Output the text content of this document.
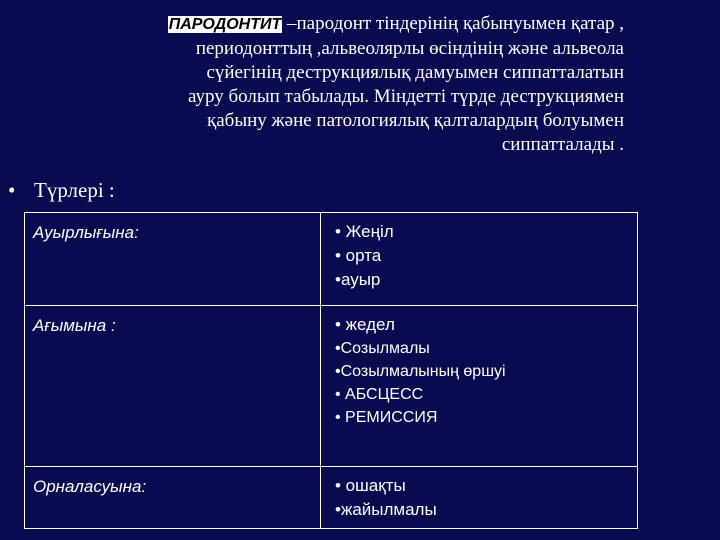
ПАРОДОНТИТ –пародонт тіндерінің қабынуымен қатар ,
периодонттың ,альвеолярлы өсіндінің және альвеола
сүйегінің деструкциялық дамуымен сиппатталатын
ауру болып табылады. Міндетті түрде деструкциямен
қабыну және патологиялық қалталардың болуымен
сиппатталады .
• Түрлері :
Ауырлығына:	• Жеңіл
• орта
•ауыр

Ағымына :	• жедел
•Созылмалы
•Созылмалының өршуі
• АБСЦЕСС
• РЕМИССИЯ

Орналасуына:	• ошақты
•жайылмалы
